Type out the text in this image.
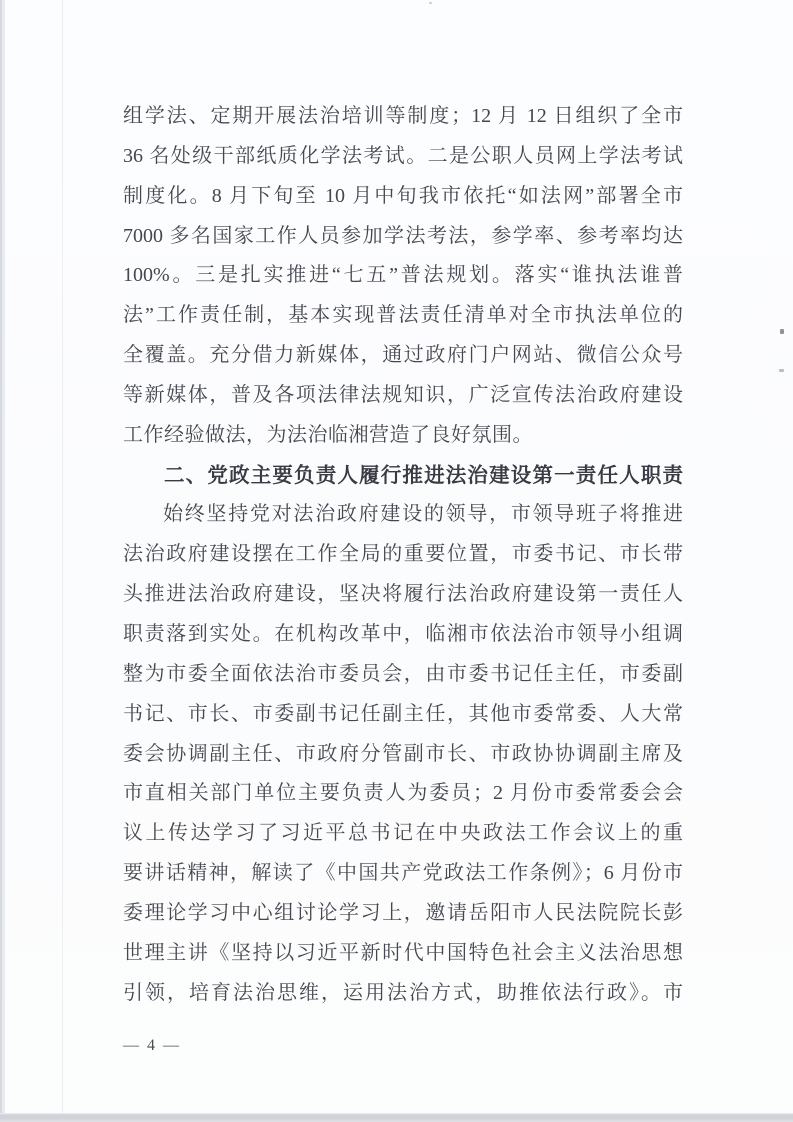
组学法、定期开展法治培训等制度；12 月 12 日组织了全市
36 名处级干部纸质化学法考试。二是公职人员网上学法考试
制度化。8 月下旬至 10 月中旬我市依托“如法网”部署全市
7000 多名国家工作人员参加学法考法，参学率、参考率均达
100%。三是扎实推进“七五”普法规划。落实“谁执法谁普
法”工作责任制，基本实现普法责任清单对全市执法单位的
全覆盖。充分借力新媒体，通过政府门户网站、微信公众号
等新媒体，普及各项法律法规知识，广泛宣传法治政府建设
工作经验做法，为法治临湘营造了良好氛围。
二、党政主要负责人履行推进法治建设第一责任人职责
始终坚持党对法治政府建设的领导，市领导班子将推进
法治政府建设摆在工作全局的重要位置，市委书记、市长带
头推进法治政府建设，坚决将履行法治政府建设第一责任人
职责落到实处。在机构改革中，临湘市依法治市领导小组调
整为市委全面依法治市委员会，由市委书记任主任，市委副
书记、市长、市委副书记任副主任，其他市委常委、人大常
委会协调副主任、市政府分管副市长、市政协协调副主席及
市直相关部门单位主要负责人为委员；2 月份市委常委会会
议上传达学习了习近平总书记在中央政法工作会议上的重
要讲话精神，解读了《中国共产党政法工作条例》；6 月份市
委理论学习中心组讨论学习上，邀请岳阳市人民法院院长彭
世理主讲《坚持以习近平新时代中国特色社会主义法治思想
引领，培育法治思维，运用法治方式，助推依法行政》。市
— 4 —
